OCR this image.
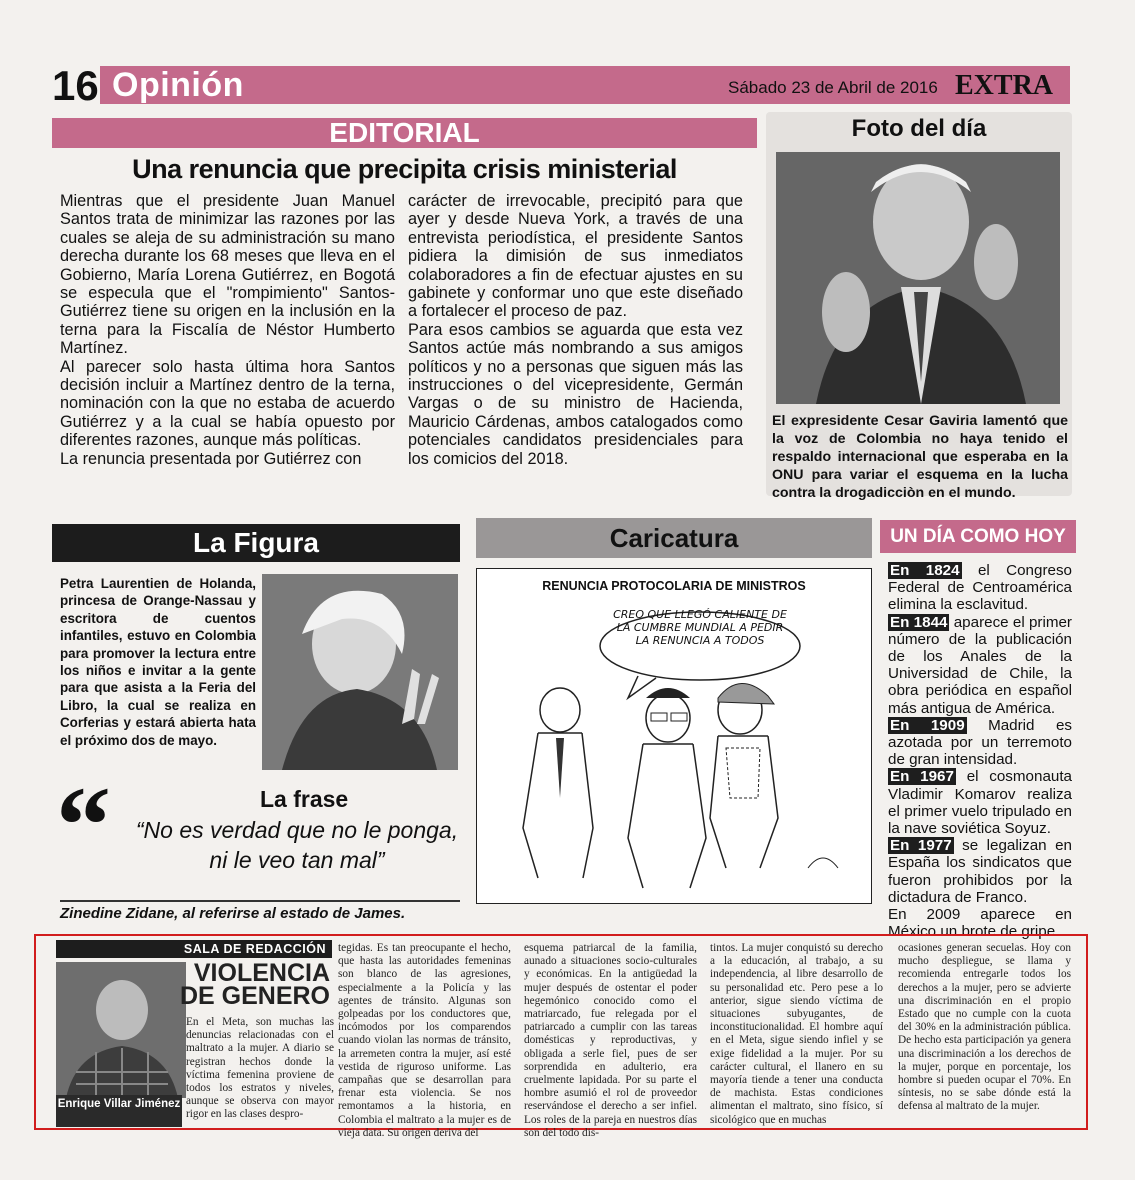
16 Opinión	Sábado 23 de Abril de 2016 EXTRA
EDITORIAL
Una renuncia que precipita crisis ministerial

Mientras que el presidente Juan Manuel Santos trata de minimizar las razones por las cuales se aleja de su administración su mano derecha durante los 68 meses que lleva en el Gobierno, María Lorena Gutiérrez, en Bogotá se especula que el "rompimiento" Santos-Gutiérrez tiene su origen en la inclusión en la terna para la Fiscalía de Néstor Humberto Martínez.

Al parecer solo hasta última hora Santos decisión incluir a Martínez dentro de la terna, nominación con la que no estaba de acuerdo Gutiérrez y a la cual se había opuesto por diferentes razones, aunque más políticas.

La renuncia presentada por Gutiérrez con

carácter de irrevocable, precipitó para que ayer y desde Nueva York, a través de una entrevista periodística, el presidente Santos pidiera la dimisión de sus inmediatos colaboradores a fin de efectuar ajustes en su gabinete y conformar uno que este diseñado a fortalecer el proceso de paz.

Para esos cambios se aguarda que esta vez Santos actúe más nombrando a sus amigos políticos y no a personas que siguen más las instrucciones o del vicepresidente, Germán Vargas o de su ministro de Hacienda, Mauricio Cárdenas, ambos catalogados como potenciales candidatos presidenciales para los comicios del 2018.

Foto del día
El expresidente Cesar Gaviria lamentó que la voz de Colombia no haya tenido el respaldo internacional que esperaba en la ONU para variar el esquema en la lucha contra la drogadicciòn en el mundo.
La Figura
Petra Laurentien de Holanda, princesa de Orange-Nassau y escritora de cuentos infantiles, estuvo en Colombia para promover la lectura entre los niños e invitar a la gente para que asista a la Feria del Libro, la cual se realiza en Corferias y estará abierta hata el próximo dos de mayo.
“	La frase
“No es verdad que no le ponga, ni le veo tan mal”
Zinedine Zidane, al referirse al estado de James.
Caricatura
RENUNCIA PROTOCOLARIA DE MINISTROS
CREO QUE LLEGÓ CALIENTE DE LA CUMBRE MUNDIAL A PEDIR LA RENUNCIA A TODOS
UN DÍA COMO HOY

En 1824 el Congreso Federal de Centroamérica elimina la esclavitud.

En 1844 aparece el primer número de la publicación de los Anales de la Universidad de Chile, la obra periódica en español más antigua de América.

En 1909 Madrid es azotada por un terremoto de gran intensidad.

En 1967 el cosmonauta Vladimir Komarov realiza el primer vuelo tripulado en la nave soviética Soyuz.

En 1977 se legalizan en España los sindicatos que fueron prohibidos por la dictadura de Franco.

En 2009 aparece en México un brote de gripe.

SALA DE REDACCIÓN
VIOLENCIA DE GENERO
Enrique Villar Jiménez
En el Meta, son muchas las denuncias relacionadas con el maltrato a la mujer. A diario se registran hechos donde la víctima femenina proviene de todos los estratos y niveles, aunque se observa con mayor rigor en las clases despro-
tegidas. Es tan preocupante el hecho, que hasta las autoridades femeninas son blanco de las agresiones, especialmente a la Policía y las agentes de tránsito. Algunas son golpeadas por los conductores que, incómodos por los comparendos cuando violan las normas de tránsito, la arremeten contra la mujer, así esté vestida de riguroso uniforme. Las campañas que se desarrollan para frenar esta violencia. Se nos remontamos a la historia, en Colombia el maltrato a la mujer es de vieja data. Su origen deriva del
esquema patriarcal de la familia, aunado a situaciones socio-culturales y económicas. En la antigüedad la mujer después de ostentar el poder hegemónico conocido como el matriarcado, fue relegada por el patriarcado a cumplir con las tareas domésticas y reproductivas, y obligada a serle fiel, pues de ser sorprendida en adulterio, era cruelmente lapidada. Por su parte el hombre asumió el rol de proveedor reservándose el derecho a ser infiel. Los roles de la pareja en nuestros días son del todo dis-
tintos. La mujer conquistó su derecho a la educación, al trabajo, a su independencia, al libre desarrollo de su personalidad etc. Pero pese a lo anterior, sigue siendo víctima de situaciones subyugantes, de inconstitucionalidad. El hombre aquí en el Meta, sigue siendo infiel y se exige fidelidad a la mujer. Por su carácter cultural, el llanero en su mayoría tiende a tener una conducta de machista. Estas condiciones alimentan el maltrato, sino físico, sí sicológico que en muchas
ocasiones generan secuelas. Hoy con mucho despliegue, se llama y recomienda entregarle todos los derechos a la mujer, pero se advierte una discriminación en el propio Estado que no cumple con la cuota del 30% en la administración pública. De hecho esta participación ya genera una discriminación a los derechos de la mujer, porque en porcentaje, los hombre si pueden ocupar el 70%. En síntesis, no se sabe dónde está la defensa al maltrato de la mujer.
